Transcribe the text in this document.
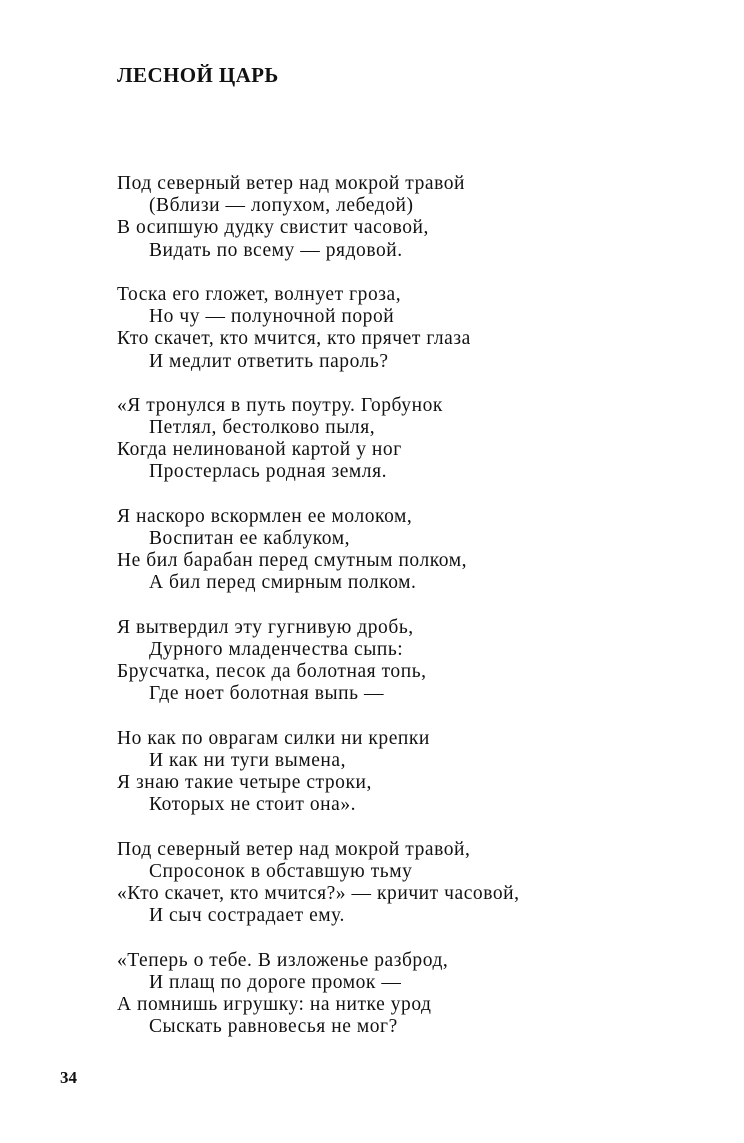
ЛЕСНОЙ ЦАРЬ
Под северный ветер над мокрой травой
(Вблизи — лопухом, лебедой)
В осипшую дудку свистит часовой,
Видать по всему — рядовой.
Тоска его гложет, волнует гроза,
Но чу — полуночной порой
Кто скачет, кто мчится, кто прячет глаза
И медлит ответить пароль?
«Я тронулся в путь поутру. Горбунок
Петлял, бестолково пыля,
Когда нелинованой картой у ног
Простерлась родная земля.
Я наскоро вскормлен ее молоком,
Воспитан ее каблуком,
Не бил барабан перед смутным полком,
А бил перед смирным полком.
Я вытвердил эту гугнивую дробь,
Дурного младенчества сыпь:
Брусчатка, песок да болотная топь,
Где ноет болотная выпь —
Но как по оврагам силки ни крепки
И как ни туги вымена,
Я знаю такие четыре строки,
Которых не стоит она».
Под северный ветер над мокрой травой,
Спросонок в обставшую тьму
«Кто скачет, кто мчится?» — кричит часовой,
И сыч сострадает ему.
«Теперь о тебе. В изложенье разброд,
И плащ по дороге промок —
А помнишь игрушку: на нитке урод
Сыскать равновесья не мог?
34
